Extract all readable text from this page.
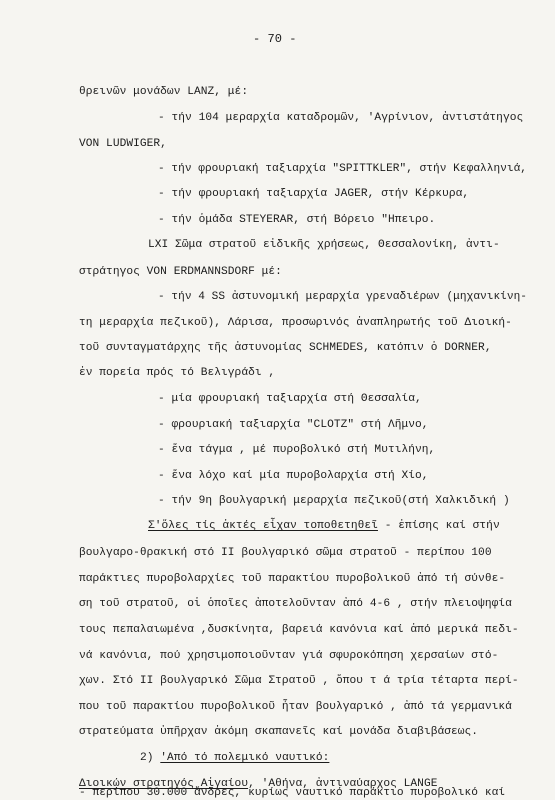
- 70 -
θρεινῶν μονάδων LANZ, μέ:
- τήν 104 μεραρχία καταδρομῶν, 'Αγρίνιον, ἀντιστάτηγος
VON LUDWIGER,
- τήν φρουριακή ταξιαρχία "SPITTKLER", στήν Κεφαλληνιά,
- τήν φρουριακή ταξιαρχία JAGER, στήν Κέρκυρα,
- τήν ὁμάδα STEYERAR, στή Βόρειο "Ηπειρο.
LXI Σῶμα στρατοῦ εἰδικῆς χρήσεως, Θεσσαλονίκη, ἀντι-
στράτηγος VON ERDMANNSDORF μέ:
- τήν 4 SS ἀστυνομική μεραρχία γρεναδιέρων (μηχανικίνη-
τη μεραρχία πεζικοῦ), Λάρισα, προσωρινός ἀναπληρωτής τοῦ Διοική-
τοῦ συνταγματάρχης τῆς ἀστυνομίας SCHMEDES, κατόπιν ὁ DORNER,
ἐν πορεία πρός τό Βελιγράδι ,
- μία φρουριακή ταξιαρχία στή Θεσσαλία,
- φρουριακή ταξιαρχία "CLOTZ" στή Λῆμνο,
- ἕνα τάγμα , μέ πυροβολικό στή Μυτιλήνη,
- ἕνα λόχο καί μία πυροβολαρχία στή Χίο,
- τήν 9η βουλγαρική μεραρχία πεζικοῦ(στή Χαλκιδική )
Σ'ὅλες τίς ἀκτές εἶχαν τοποθετηθεῖ - ἐπίσης καί στήν
βουλγαρο-θρακική στό II βουλγαρικό σῶμα στρατοῦ - περίπου 100
παράκτιες πυροβολαρχίες τοῦ παρακτίου πυροβολικοῦ ἀπό τή σύνθε-
ση τοῦ στρατοῦ, οἱ ὁποῖες ἀποτελοῦνταν ἀπό 4-6 , στήν πλειοψηφία
τους πεπαλαιωμένα ,δυσκίνητα, βαρειά κανόνια καί ἀπό μερικά πεδι-
νά κανόνια, πού χρησιμοποιοῦνταν γιά σφυροκόπηση χερσαίων στό-
χων. Στό II βουλγαρικό Σῶμα Στρατοῦ , ὅπου τ ά τρία τέταρτα περί-
που τοῦ παρακτίου πυροβολικοῦ ἦταν βουλγαρικό , ἀπό τά γερμανικά
στρατεύματα ὑπῆρχαν ἀκόμη σκαπανεῖς καί μονάδα διαβιβάσεως.
2) 'Από τό πολεμικό ναυτικό:
Διοικών στρατηγός Αἰγαίου, 'Αθήνα, ἀντιναύαρχος LANGE
- περίπου 30.000 ἄνδρες, κυρίως ναυτικό παράκτιο πυροβολικό καί
